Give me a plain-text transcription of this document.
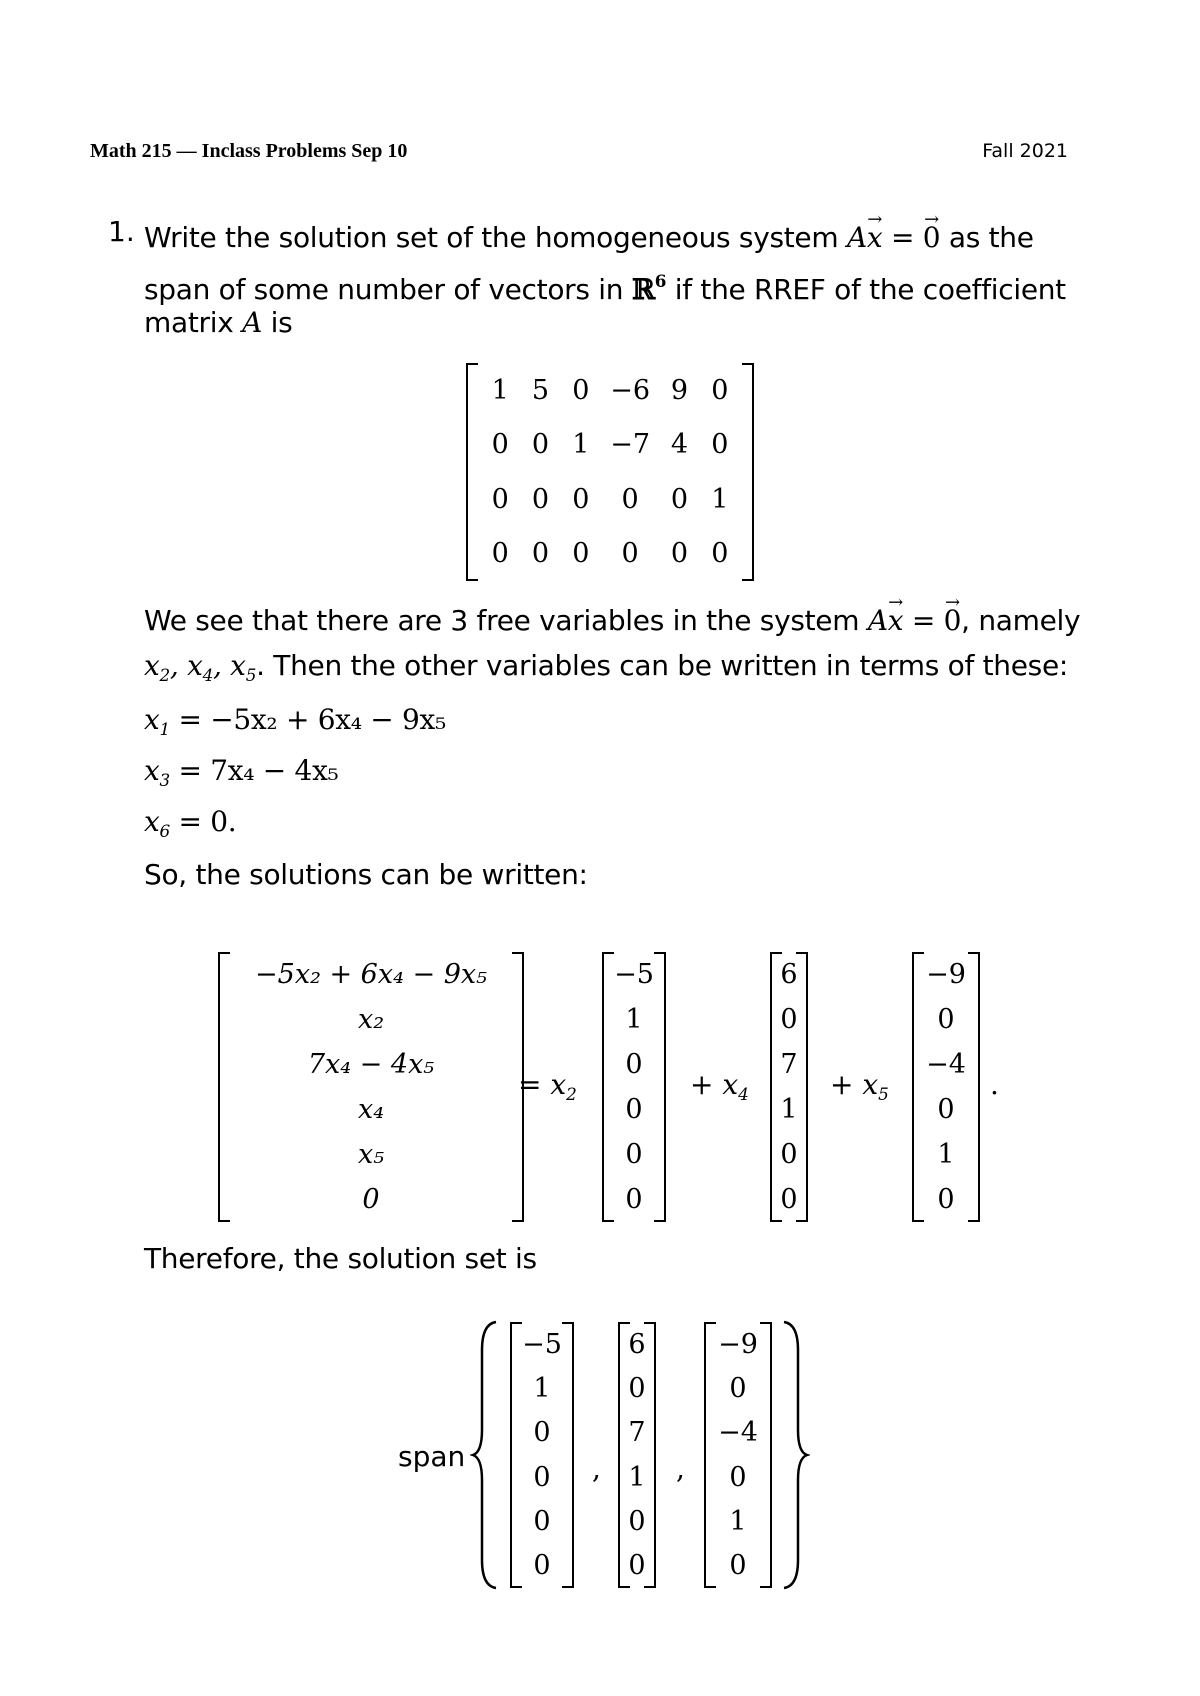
Math 215 — Inclass Problems Sep 10	Fall 2021
1. Write the solution set of the homogeneous system A→ x = → 0 as the
span of some number of vectors in ℝ$^6$ if the RREF of the coefficient
matrix A is
1 5 0 −6 9 0
0 0 1 −7 4 0
0 0 0	0	0 1
0 0 0	0	0 0
We see that there are 3 free variables in the system A→ x = → 0, namely
$x_2$, $x_4$, $x_5$. Then the other variables can be written in terms of these:
$x_1 = -5x_2 + 6x_4 - 9x_5$
$x_3 = 7x_4 - 4x_5$
$x_6 = 0$.
So, the solutions can be written:
−5x₂ + 6x₄ − 9x₅
x₂
7x₄ − 4x₅
x₄
x₅
0
= $x_2$
−5
1
0
0
0
0
+ $x_4$
6
0
7
1
0
0
+ $x_5$
−9
0
−4
0
1
0
.
Therefore, the solution set is
span
−5
1
0
0
0
0
,
6
0
7
1
0
0
,
−9
0
−4
0
1
0
